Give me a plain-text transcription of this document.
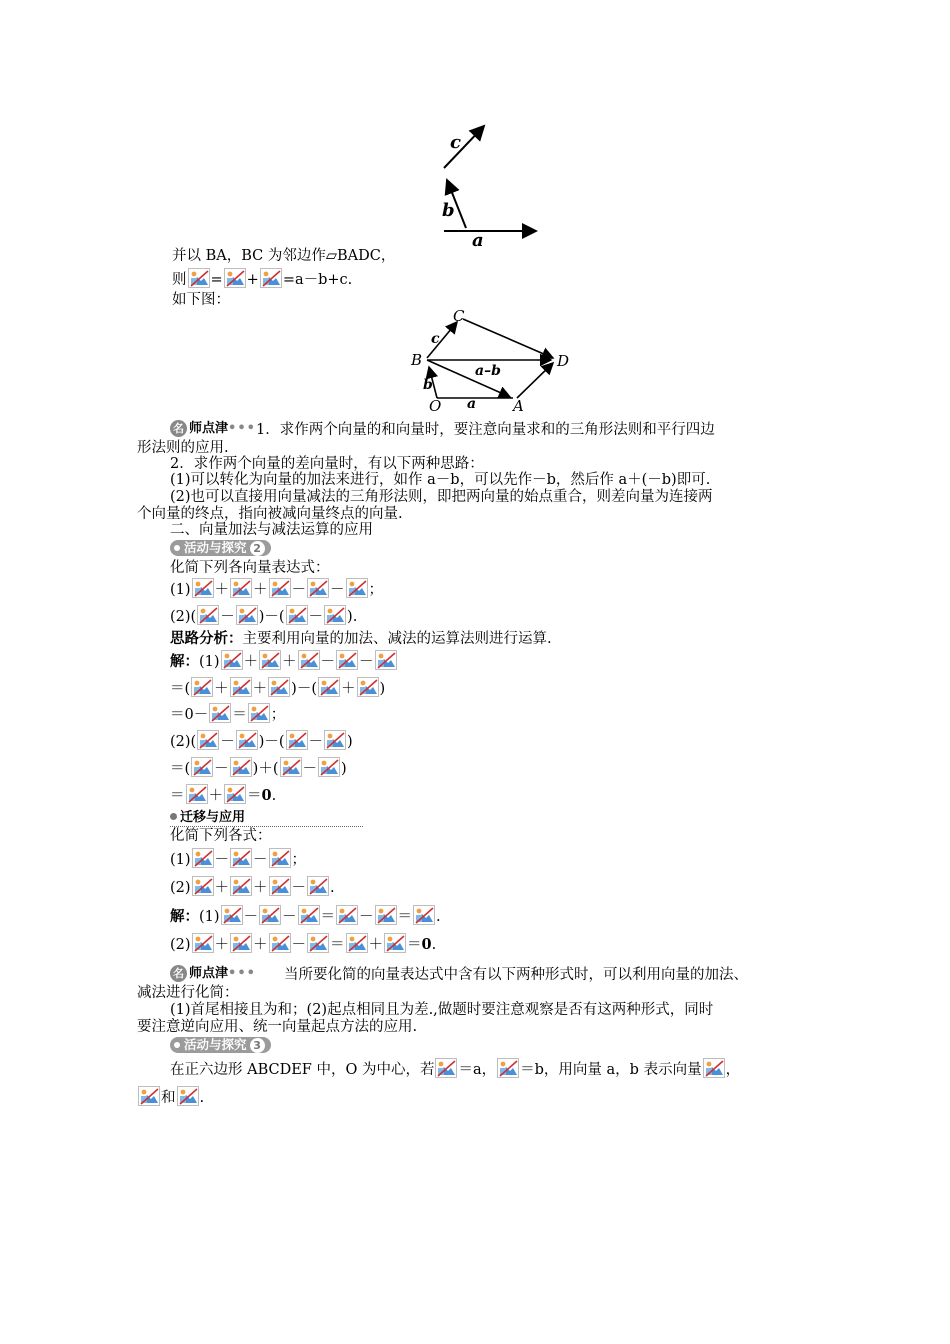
c
b
a
并以 BA，BC 为邻边作▱BADC，
则 = + =a－b+c.
如下图：
C
B	D
O	A
c
b
a
a–b
名 师点津••• 1．求作两个向量的和向量时，要注意向量求和的三角形法则和平行四边
形法则的应用.
2．求作两个向量的差向量时，有以下两种思路：
(1)可以转化为向量的加法来进行，如作 a－b，可以先作－b，然后作 a＋(－b)即可.
(2)也可以直接用向量减法的三角形法则，即把两向量的始点重合，则差向量为连接两
个向量的终点，指向被减向量终点的向量.
二、向量加法与减法运算的应用
活动与探究 2
化简下列各向量表达式：
(1) ＋ ＋ － － ；
(2)( － )－( － ).
思路分析：主要利用向量的加法、减法的运算法则进行运算.
解：(1) ＋ ＋ － －
＝( ＋ ＋ )－( ＋ )
＝0－ ＝ ；
(2)( － )－( － )
＝( － )＋( － )
＝ ＋ ＝0.
迁移与应用
化简下列各式：
(1) － － ；
(2) ＋ ＋ － .
解：(1) － － ＝ － ＝ .
(2) ＋ ＋ － ＝ ＋ ＝0.
名 师点津••• 当所要化简的向量表达式中含有以下两种形式时，可以利用向量的加法、
减法进行化简：
(1)首尾相接且为和；(2)起点相同且为差.,做题时要注意观察是否有这两种形式，同时
要注意逆向应用、统一向量起点方法的应用.
活动与探究 3
在正六边形 ABCDEF 中，O 为中心，若 ＝a， ＝b，用向量 a，b 表示向量 ，
和 .
